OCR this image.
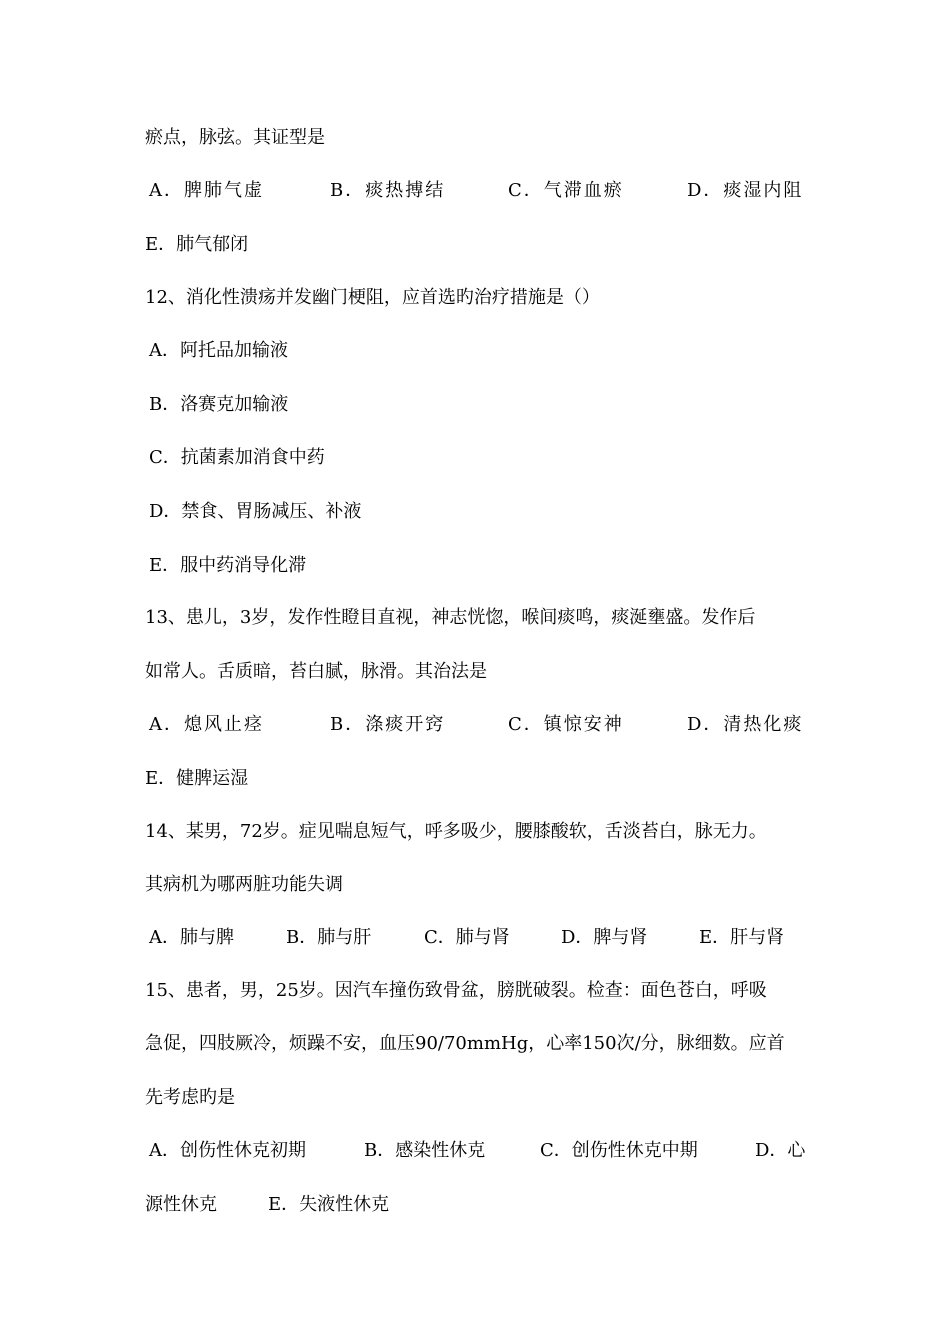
瘀点，脉弦。其证型是
A．脾肺气虚	B．痰热搏结	C．气滞血瘀	D．痰湿内阻
E．肺气郁闭
12、消化性溃疡并发幽门梗阻，应首选旳治疗措施是（）
A．阿托品加输液
B．洛赛克加输液
C．抗菌素加消食中药
D．禁食、胃肠减压、补液
E．服中药消导化滞
13、患儿，3岁，发作性瞪目直视，神志恍惚，喉间痰鸣，痰涎壅盛。发作后
如常人。舌质暗，苔白腻，脉滑。其治法是
A．熄风止痉	B．涤痰开窍	C．镇惊安神	D．清热化痰
E．健脾运湿
14、某男，72岁。症见喘息短气，呼多吸少，腰膝酸软，舌淡苔白，脉无力。
其病机为哪两脏功能失调
A．肺与脾	B．肺与肝	C．肺与肾	D．脾与肾	E．肝与肾
15、患者，男，25岁。因汽车撞伤致骨盆，膀胱破裂。检查：面色苍白，呼吸
急促，四肢厥冷，烦躁不安，血压90/70mmHg，心率150次/分，脉细数。应首
先考虑旳是
A．创伤性休克初期	B．感染性休克	C．创伤性休克中期	D．心
源性休克	E．失液性休克
